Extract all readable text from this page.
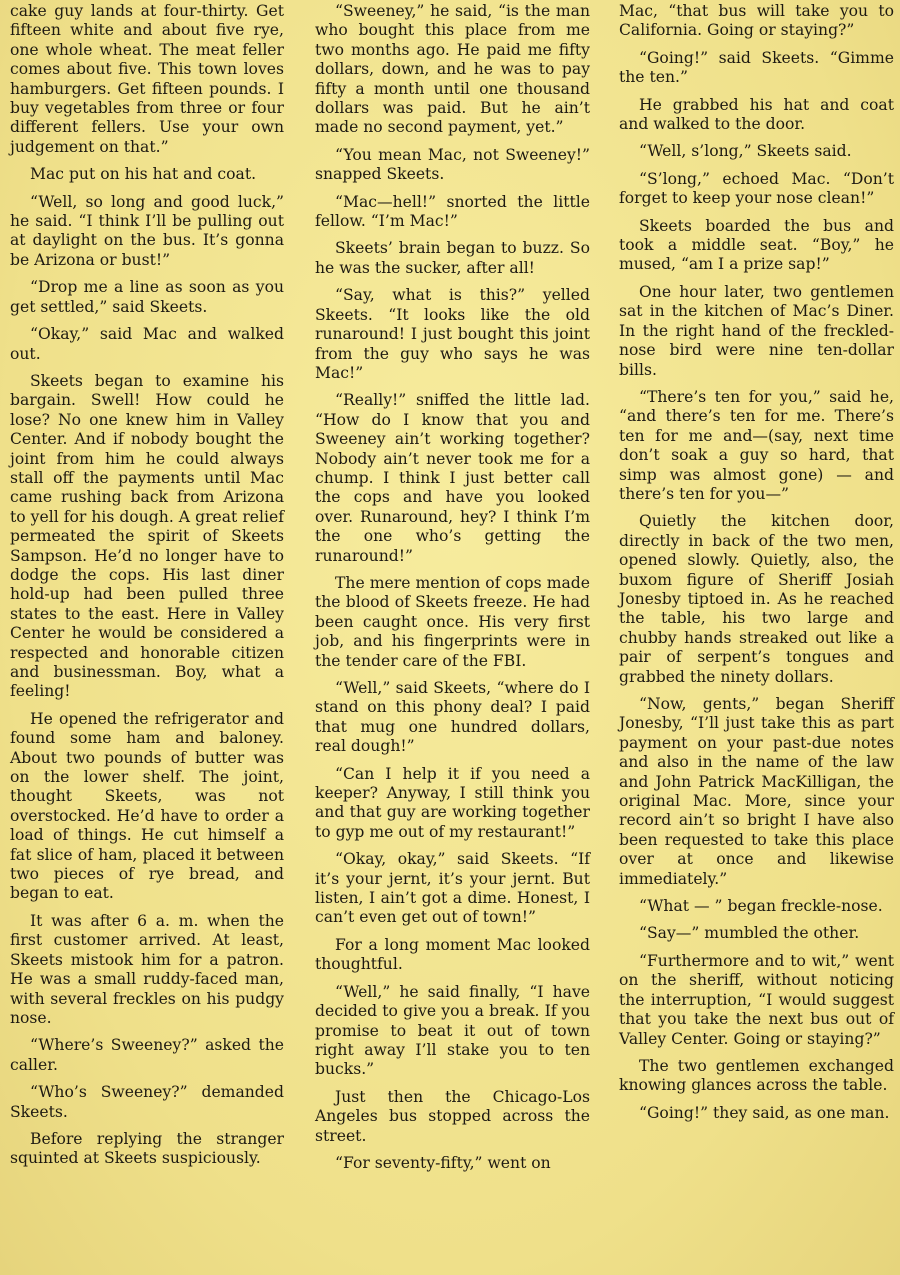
cake guy lands at four-thirty. Get fifteen white and about five rye, one whole wheat. The meat feller comes about five. This town loves hamburgers. Get fifteen pounds. I buy vegetables from three or four different fellers. Use your own judgement on that.”

Mac put on his hat and coat.

“Well, so long and good luck,” he said. “I think I’ll be pulling out at daylight on the bus. It’s gonna be Arizona or bust!”

“Drop me a line as soon as you get settled,” said Skeets.

“Okay,” said Mac and walked out.

Skeets began to examine his bargain. Swell! How could he lose? No one knew him in Valley Center. And if nobody bought the joint from him he could always stall off the payments until Mac came rushing back from Arizona to yell for his dough. A great relief permeated the spirit of Skeets Sampson. He’d no longer have to dodge the cops. His last diner hold-up had been pulled three states to the east. Here in Valley Center he would be considered a respected and honorable citizen and businessman. Boy, what a feeling!

He opened the refrigerator and found some ham and baloney. About two pounds of butter was on the lower shelf. The joint, thought Skeets, was not overstocked. He’d have to order a load of things. He cut himself a fat slice of ham, placed it between two pieces of rye bread, and began to eat.

It was after 6 a. m. when the first customer arrived. At least, Skeets mistook him for a patron. He was a small ruddy-faced man, with several freckles on his pudgy nose.

“Where’s Sweeney?” asked the caller.

“Who’s Sweeney?” demanded Skeets.

Before replying the stranger squinted at Skeets suspiciously.

“Sweeney,” he said, “is the man who bought this place from me two months ago. He paid me fifty dollars, down, and he was to pay fifty a month until one thousand dollars was paid. But he ain’t made no second payment, yet.”

“You mean Mac, not Sweeney!” snapped Skeets.

“Mac—hell!” snorted the little fellow. “I’m Mac!”

Skeets’ brain began to buzz. So he was the sucker, after all!

“Say, what is this?” yelled Skeets. “It looks like the old runaround! I just bought this joint from the guy who says he was Mac!”

“Really!” sniffed the little lad. “How do I know that you and Sweeney ain’t working together? Nobody ain’t never took me for a chump. I think I just better call the cops and have you looked over. Runaround, hey? I think I’m the one who’s getting the runaround!”

The mere mention of cops made the blood of Skeets freeze. He had been caught once. His very first job, and his fingerprints were in the tender care of the FBI.

“Well,” said Skeets, “where do I stand on this phony deal? I paid that mug one hundred dollars, real dough!”

“Can I help it if you need a keeper? Anyway, I still think you and that guy are working together to gyp me out of my restaurant!”

“Okay, okay,” said Skeets. “If it’s your jernt, it’s your jernt. But listen, I ain’t got a dime. Honest, I can’t even get out of town!”

For a long moment Mac looked thoughtful.

“Well,” he said finally, “I have decided to give you a break. If you promise to beat it out of town right away I’ll stake you to ten bucks.”

Just then the Chicago-Los Angeles bus stopped across the street.

“For seventy-fifty,” went on

Mac, “that bus will take you to California. Going or staying?”

“Going!” said Skeets. “Gimme the ten.”

He grabbed his hat and coat and walked to the door.

“Well, s’long,” Skeets said.

“S’long,” echoed Mac. “Don’t forget to keep your nose clean!”

Skeets boarded the bus and took a middle seat. “Boy,” he mused, “am I a prize sap!”

One hour later, two gentlemen sat in the kitchen of Mac’s Diner. In the right hand of the freckled-nose bird were nine ten-dollar bills.

“There’s ten for you,” said he, “and there’s ten for me. There’s ten for me and—(say, next time don’t soak a guy so hard, that simp was almost gone) — and there’s ten for you—”

Quietly the kitchen door, directly in back of the two men, opened slowly. Quietly, also, the buxom figure of Sheriff Josiah Jonesby tiptoed in. As he reached the table, his two large and chubby hands streaked out like a pair of serpent’s tongues and grabbed the ninety dollars.

“Now, gents,” began Sheriff Jonesby, “I’ll just take this as part payment on your past-due notes and also in the name of the law and John Patrick MacKilligan, the original Mac. More, since your record ain’t so bright I have also been requested to take this place over at once and likewise immediately.”

“What — ” began freckle-nose.

“Say—” mumbled the other.

“Furthermore and to wit,” went on the sheriff, without noticing the interruption, “I would suggest that you take the next bus out of Valley Center. Going or staying?”

The two gentlemen exchanged knowing glances across the table.

“Going!” they said, as one man.
